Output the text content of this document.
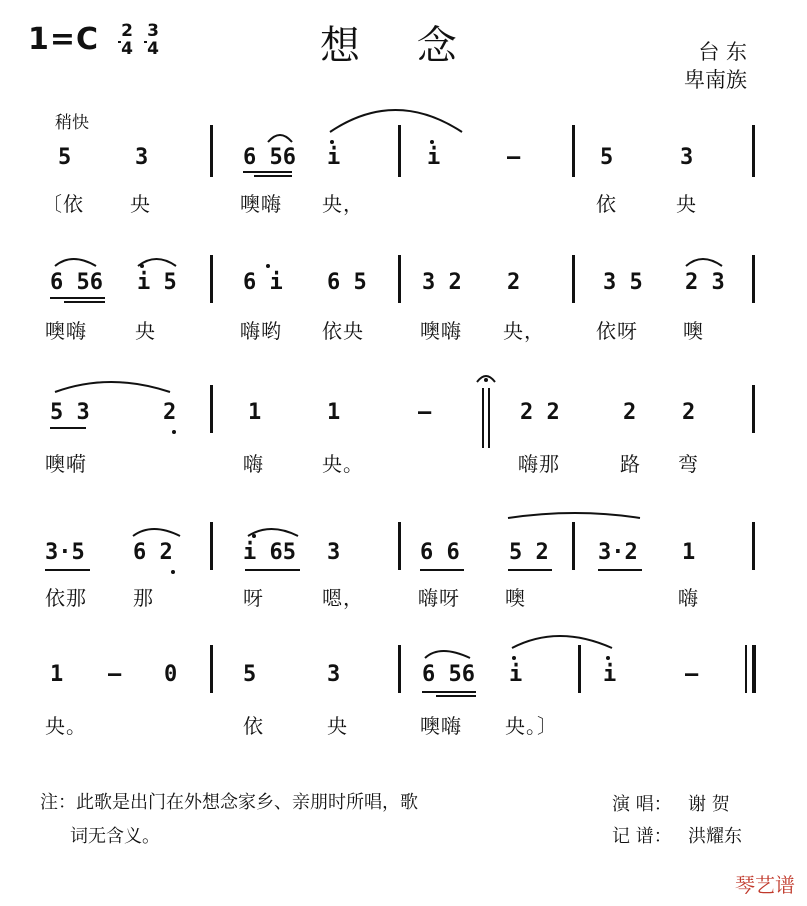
1=C 2
4
3
4	想 念	台 东
卑南族
稍快
5	3	6 56 i	i	–	5	3
〔依 央	噢嗨 央，	依	央
6 56 i 5	6 i 6 5	3 2 2	3 5 2 3
噢嗨 央	嗨哟 依央	噢嗨 央，	依呀 噢
5 3	2	1	1	–	2 2	2 2
噢嗬	嗨	央。	嗨那	路 弯
3·5 6 2	i 65 3	6 6 5 2 3·2 1
依那 那	呀	嗯，	嗨呀 噢	嗨
1 – 0	5	3	6 56 i	i	–
央。	依	央	噢嗨 央。〕
注：此歌是出门在外想念家乡、亲朋时所唱，歌
词无含义。
演 唱： 谢 贺
记 谱： 洪耀东
琴艺谱
